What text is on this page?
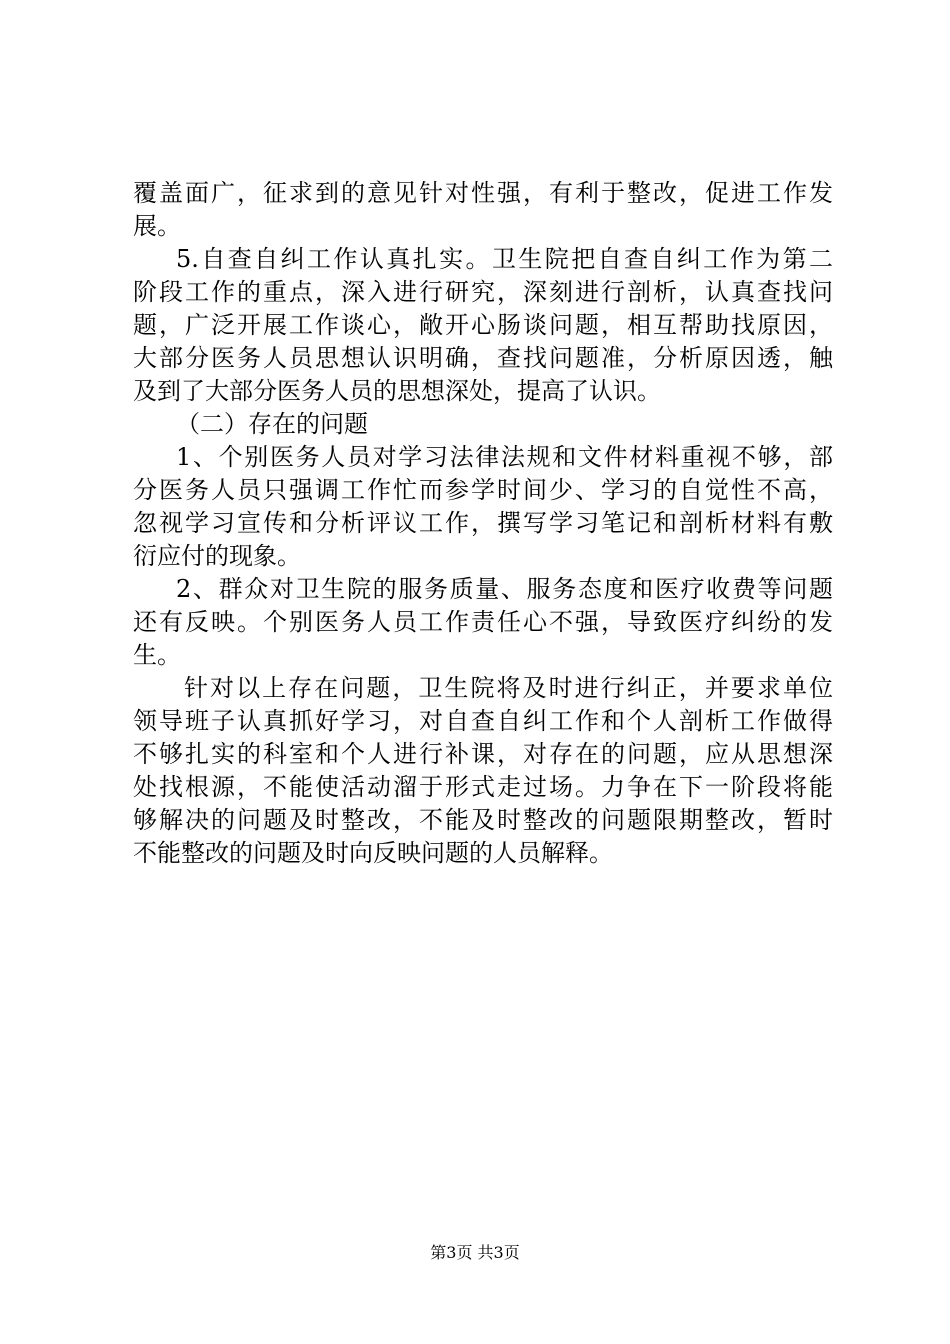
覆盖面广，征求到的意见针对性强，有利于整改，促进工作发
展。
5.自查自纠工作认真扎实。卫生院把自查自纠工作为第二
阶段工作的重点，深入进行研究，深刻进行剖析，认真查找问
题，广泛开展工作谈心，敞开心肠谈问题，相互帮助找原因，
大部分医务人员思想认识明确，查找问题准，分析原因透，触
及到了大部分医务人员的思想深处，提高了认识。
（二）存在的问题
1、个别医务人员对学习法律法规和文件材料重视不够，部
分医务人员只强调工作忙而参学时间少、学习的自觉性不高，
忽视学习宣传和分析评议工作，撰写学习笔记和剖析材料有敷
衍应付的现象。
2、群众对卫生院的服务质量、服务态度和医疗收费等问题
还有反映。个别医务人员工作责任心不强，导致医疗纠纷的发
生。
针对以上存在问题，卫生院将及时进行纠正，并要求单位
领导班子认真抓好学习，对自查自纠工作和个人剖析工作做得
不够扎实的科室和个人进行补课，对存在的问题，应从思想深
处找根源，不能使活动溜于形式走过场。力争在下一阶段将能
够解决的问题及时整改，不能及时整改的问题限期整改，暂时
不能整改的问题及时向反映问题的人员解释。
第3页 共3页
